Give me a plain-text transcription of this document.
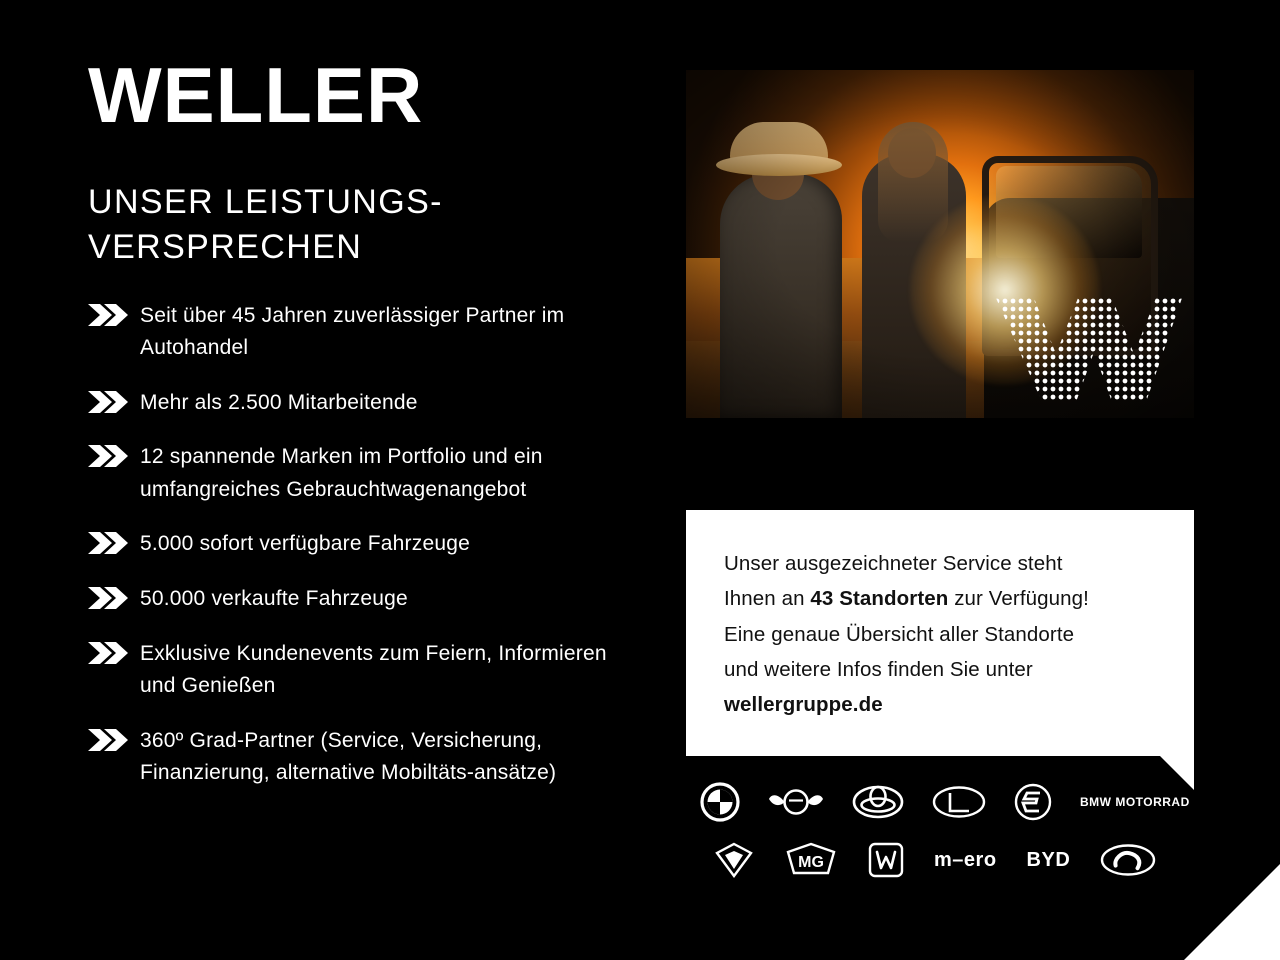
WELLER
UNSER LEISTUNGS-VERSPRECHEN
Seit über 45 Jahren zuverlässiger Partner im Autohandel
Mehr als 2.500 Mitarbeitende
12 spannende Marken im Portfolio und ein umfangreiches Gebrauchtwagenangebot
5.000 sofort verfügbare Fahrzeuge
50.000 verkaufte Fahrzeuge
Exklusive Kundenevents zum Feiern, Informieren und Genießen
360º Grad-Partner (Service, Versicherung, Finanzierung, alternative Mobiltäts-ansätze)

Unser ausgezeichneter Service steht
Ihnen an 43 Standorten zur Verfügung!
Eine genaue Übersicht aller Standorte
und weitere Infos finden Sie unter
wellergruppe.de

BMW MOTORRAD
MG	m–ero BYD
